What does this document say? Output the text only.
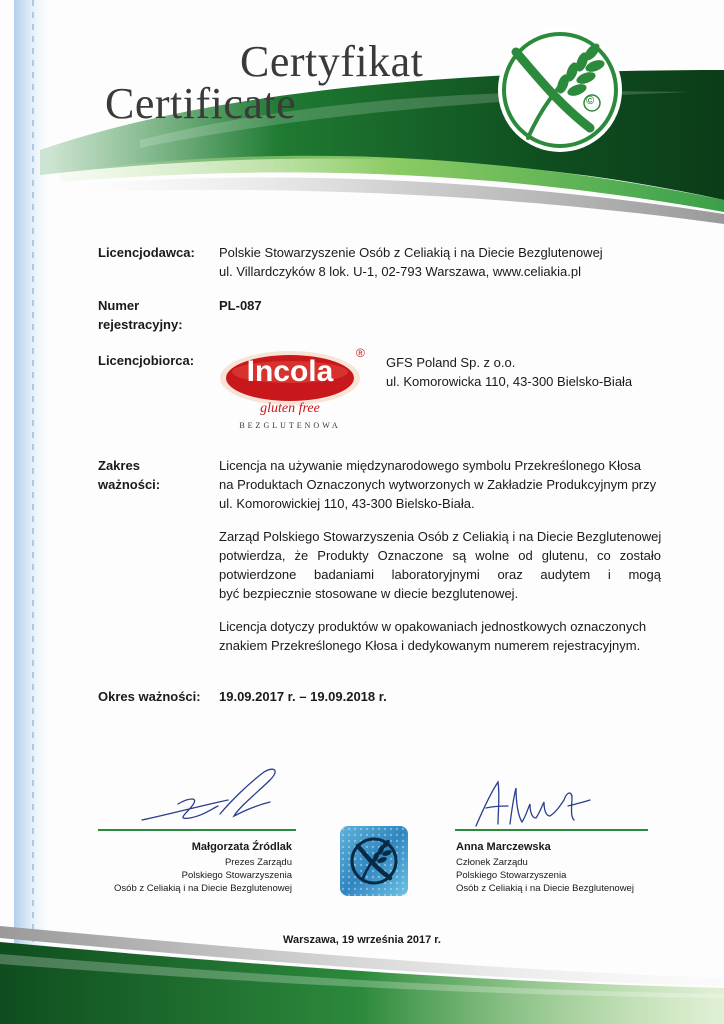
©
Certyfikat
Certificate
Licencjodawca: Polskie Stowarzyszenie Osób z Celiakią i na Diecie Bezglutenowej
ul. Villardczyków 8 lok. U-1, 02-793 Warszawa, www.celiakia.pl
Numer
rejestracyjny:
PL-087
Licencjobiorca:	Incola
®
gluten free
BEZGLUTENOWA
GFS Poland Sp. z o.o.
ul. Komorowicka 110, 43-300 Bielsko-Biała
Zakres
ważności:
Licencja na używanie międzynarodowego symbolu Przekreślonego Kłosa
na Produktach Oznaczonych wytworzonych w Zakładzie Produkcyjnym przy
ul. Komorowickiej 110, 43-300 Bielsko-Biała.
Zarząd Polskiego Stowarzyszenia Osób z Celiakią i na Diecie Bezglutenowej
potwierdza, że Produkty Oznaczone są wolne od glutenu, co zostało
potwierdzone badaniami laboratoryjnymi oraz audytem i mogą
być bezpiecznie stosowane w diecie bezglutenowej.
Licencja dotyczy produktów w opakowaniach jednostkowych oznaczonych
znakiem Przekreślonego Kłosa i dedykowanym numerem rejestracyjnym.
Okres ważności: 19.09.2017 r. – 19.09.2018 r.
Małgorzata Źródlak
Prezes Zarządu
Polskiego Stowarzyszenia
Osób z Celiakią i na Diecie Bezglutenowej
Anna Marczewska
Członek Zarządu
Polskiego Stowarzyszenia
Osób z Celiakią i na Diecie Bezglutenowej
Warszawa, 19 września 2017 r.
